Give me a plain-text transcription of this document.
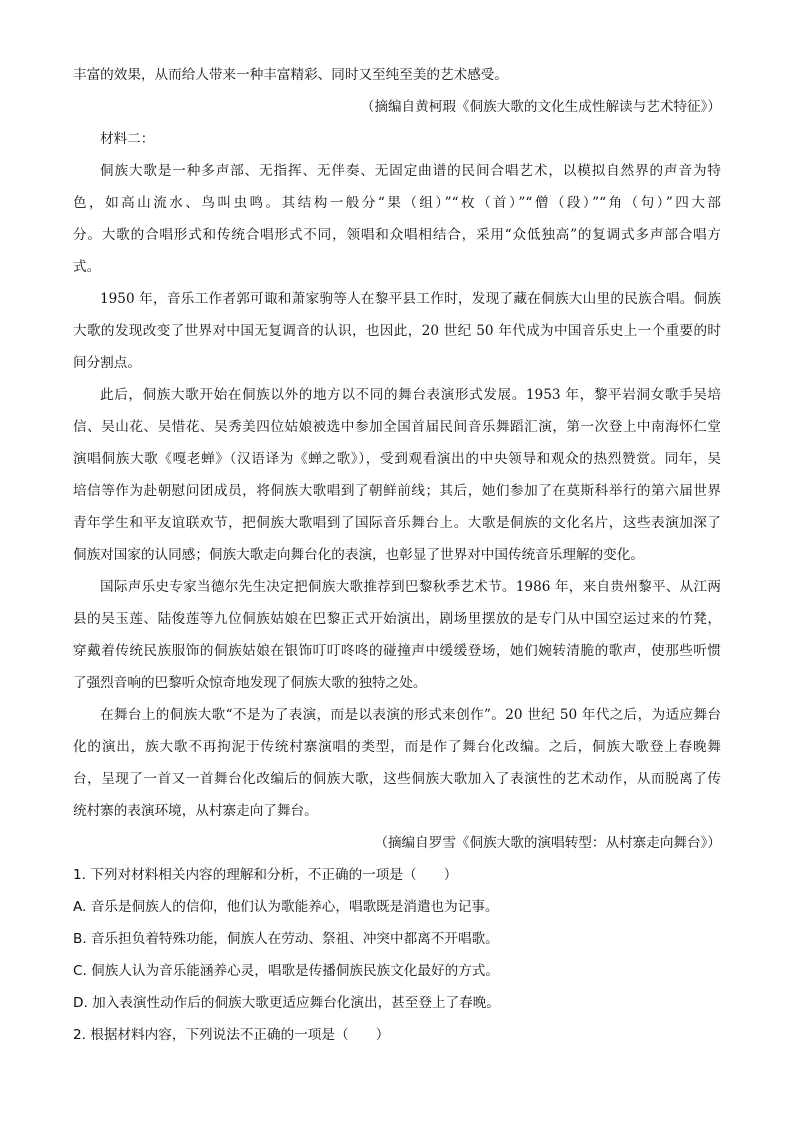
丰富的效果，从而给人带来一种丰富精彩、同时又至纯至美的艺术感受。
（摘编自黄柯瑕《侗族大歌的文化生成性解读与艺术特征》）
材料二：
侗族大歌是一种多声部、无指挥、无伴奏、无固定曲谱的民间合唱艺术，以模拟自然界的声音为特
色，如高山流水、鸟叫虫鸣。其结构一般分“果（组）”“枚（首）”“僧（段）”“角（句）”四大部
分。大歌的合唱形式和传统合唱形式不同，领唱和众唱相结合，采用“众低独高”的复调式多声部合唱方
式。
1950 年，音乐工作者郭可诹和萧家驹等人在黎平县工作时，发现了藏在侗族大山里的民族合唱。侗族
大歌的发现改变了世界对中国无复调音的认识，也因此，20 世纪 50 年代成为中国音乐史上一个重要的时
间分割点。
此后，侗族大歌开始在侗族以外的地方以不同的舞台表演形式发展。1953 年，黎平岩洞女歌手吴培
信、吴山花、吴惜花、吴秀美四位姑娘被选中参加全国首届民间音乐舞蹈汇演，第一次登上中南海怀仁堂
演唱侗族大歌《嘎老蝉》（汉语译为《蝉之歌》），受到观看演出的中央领导和观众的热烈赞赏。同年，吴
培信等作为赴朝慰问团成员，将侗族大歌唱到了朝鲜前线；其后，她们参加了在莫斯科举行的第六届世界
青年学生和平友谊联欢节，把侗族大歌唱到了国际音乐舞台上。大歌是侗族的文化名片，这些表演加深了
侗族对国家的认同感；侗族大歌走向舞台化的表演，也彰显了世界对中国传统音乐理解的变化。
国际声乐史专家当德尔先生决定把侗族大歌推荐到巴黎秋季艺术节。1986 年，来自贵州黎平、从江两
县的吴玉莲、陆俊莲等九位侗族姑娘在巴黎正式开始演出，剧场里摆放的是专门从中国空运过来的竹凳，
穿戴着传统民族服饰的侗族姑娘在银饰叮叮咚咚的碰撞声中缓缓登场，她们婉转清脆的歌声，使那些听惯
了强烈音响的巴黎听众惊奇地发现了侗族大歌的独特之处。
在舞台上的侗族大歌“不是为了表演，而是以表演的形式来创作”。20 世纪 50 年代之后，为适应舞台
化的演出，族大歌不再拘泥于传统村寨演唱的类型，而是作了舞台化改编。之后，侗族大歌登上春晚舞
台，呈现了一首又一首舞台化改编后的侗族大歌，这些侗族大歌加入了表演性的艺术动作，从而脱离了传
统村寨的表演环境，从村寨走向了舞台。
（摘编自罗雪《侗族大歌的演唱转型：从村寨走向舞台》）
1. 下列对材料相关内容的理解和分析，不正确的一项是（　　）
A. 音乐是侗族人的信仰，他们认为歌能养心，唱歌既是消遣也为记事。
B. 音乐担负着特殊功能，侗族人在劳动、祭祖、冲突中都离不开唱歌。
C. 侗族人认为音乐能涵养心灵，唱歌是传播侗族民族文化最好的方式。
D. 加入表演性动作后的侗族大歌更适应舞台化演出，甚至登上了春晚。
2. 根据材料内容，下列说法不正确的一项是（　　）
